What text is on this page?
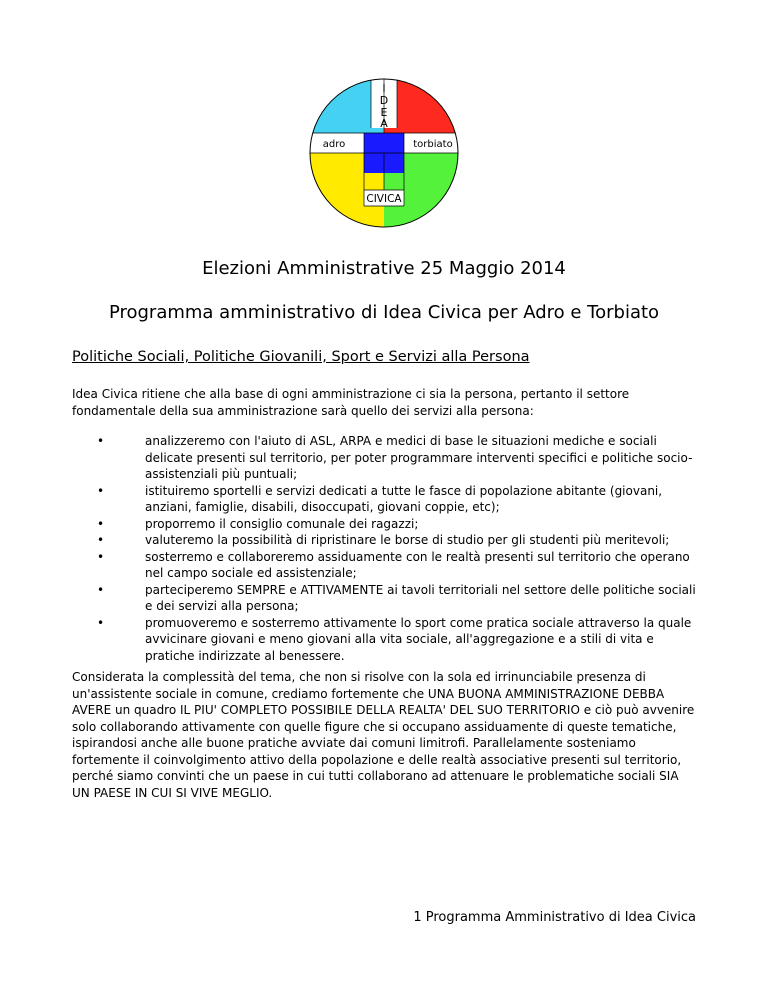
I
D
E
A
adro	torbiato
CIVICA
Elezioni Amministrative 25 Maggio 2014
Programma amministrativo di Idea Civica per Adro e Torbiato
Politiche Sociali, Politiche Giovanili, Sport e Servizi alla Persona

Idea Civica ritiene che alla base di ogni amministrazione ci sia la persona, pertanto il settore fondamentale della sua amministrazione sarà quello dei servizi alla persona:

• analizzeremo con l'aiuto di ASL, ARPA e medici di base le situazioni mediche e sociali delicate presenti sul territorio, per poter programmare interventi specifici e politiche socio-assistenziali più puntuali;
• istituiremo sportelli e servizi dedicati a tutte le fasce di popolazione abitante (giovani, anziani, famiglie, disabili, disoccupati, giovani coppie, etc);
• proporremo il consiglio comunale dei ragazzi;
• valuteremo la possibilità di ripristinare le borse di studio per gli studenti più meritevoli;
• sosterremo e collaboreremo assiduamente con le realtà presenti sul territorio che operano nel campo sociale ed assistenziale;
• parteciperemo SEMPRE e ATTIVAMENTE ai tavoli territoriali nel settore delle politiche sociali e dei servizi alla persona;
• promuoveremo e sosterremo attivamente lo sport come pratica sociale attraverso la quale avvicinare giovani e meno giovani alla vita sociale, all'aggregazione e a stili di vita e pratiche indirizzate al benessere.

Considerata la complessità del tema, che non si risolve con la sola ed irrinunciabile presenza di un'assistente sociale in comune, crediamo fortemente che UNA BUONA AMMINISTRAZIONE DEBBA AVERE un quadro IL PIU' COMPLETO POSSIBILE DELLA REALTA' DEL SUO TERRITORIO e ciò può avvenire solo collaborando attivamente con quelle figure che si occupano assiduamente di queste tematiche, ispirandosi anche alle buone pratiche avviate dai comuni limitrofi. Parallelamente sosteniamo fortemente il coinvolgimento attivo della popolazione e delle realtà associative presenti sul territorio, perché siamo convinti che un paese in cui tutti collaborano ad attenuare le problematiche sociali SIA UN PAESE IN CUI SI VIVE MEGLIO.

1 Programma Amministrativo di Idea Civica
